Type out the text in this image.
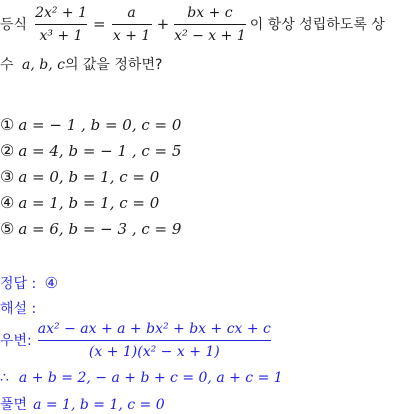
등식 $\frac{\text{2x² + 1}}{\text{x³ + 1}} = \frac{a}{x + 1} + \frac{bx + c}{\text{x² − x + 1}}$ 이 항상 성립하도록 상
수 a, b, c의 값을 정하면?
① a = − 1 , b = 0, c = 0
② a = 4, b = − 1 , c = 5
③ a = 0, b = 1, c = 0
④ a = 1, b = 1, c = 0
⑤ a = 6, b = − 3 , c = 9
정답 : ④
해설 :
우변: $\frac{\text{ax² − ax + a + bx² + bx + cx + c}}{\text{(x + 1)(x² − x + 1)}}$
∴ a + b = 2, − a + b + c = 0, a + c = 1
풀면 a = 1, b = 1, c = 0
